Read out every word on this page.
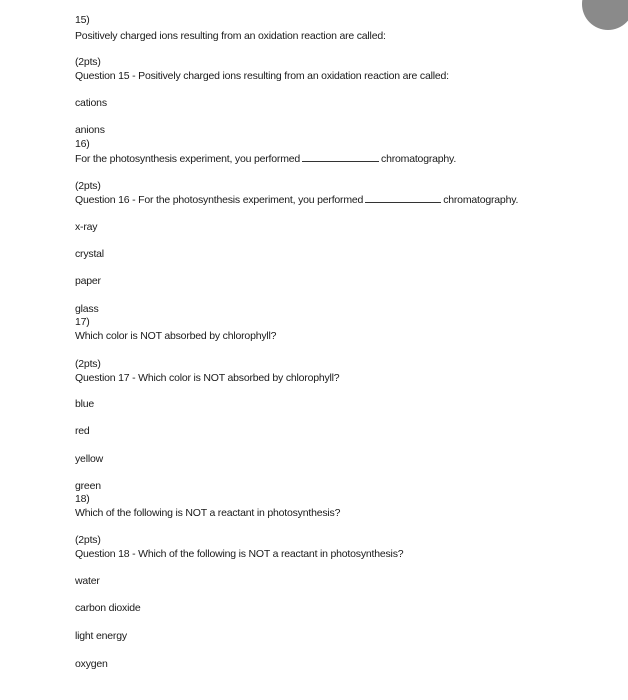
15)
Positively charged ions resulting from an oxidation reaction are called:
(2pts)
Question 15 - Positively charged ions resulting from an oxidation reaction are called:
cations
anions
16)
For the photosynthesis experiment, you performed	chromatography.
(2pts)
Question 16 - For the photosynthesis experiment, you performed	chromatography.
x-ray
crystal
paper
glass
17)
Which color is NOT absorbed by chlorophyll?
(2pts)
Question 17 - Which color is NOT absorbed by chlorophyll?
blue
red
yellow
green
18)
Which of the following is NOT a reactant in photosynthesis?
(2pts)
Question 18 - Which of the following is NOT a reactant in photosynthesis?
water
carbon dioxide
light energy
oxygen
